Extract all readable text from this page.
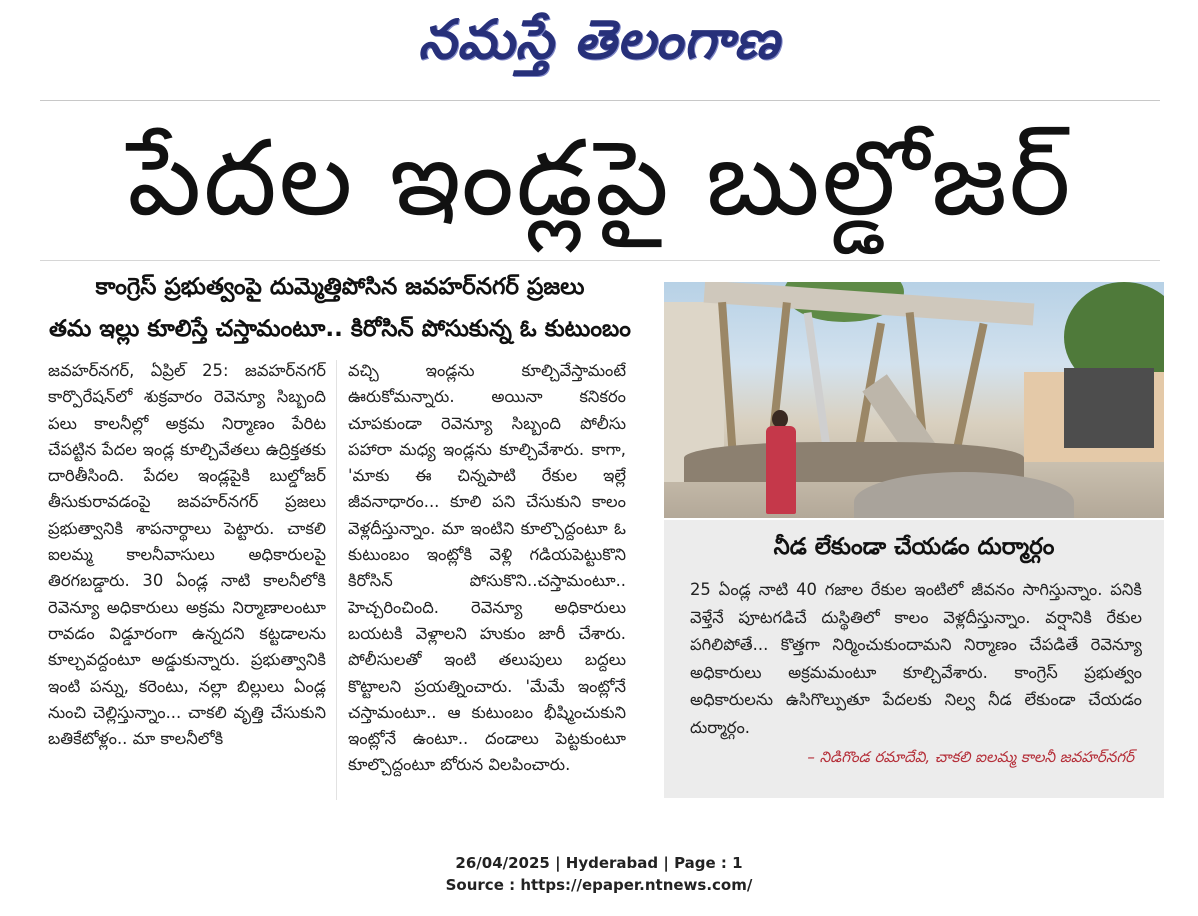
నమస్తే తెలంగాణ
పేదల ఇండ్లపై బుల్డోజర్
కాంగ్రెస్ ప్రభుత్వంపై దుమ్మెత్తిపోసిన జవహర్‌నగర్ ప్రజలు
తమ ఇల్లు కూలిస్తే చస్తామంటూ.. కిరోసిన్ పోసుకున్న ఓ కుటుంబం
జవహర్‌నగర్, ఏప్రిల్ 25: జవహర్‌నగర్ కార్పొరేషన్‌లో శుక్రవారం రెవెన్యూ సిబ్బంది పలు కాలనీల్లో అక్రమ నిర్మాణం పేరిట చేపట్టిన పేదల ఇండ్ల కూల్చివేతలు ఉద్రిక్తతకు దారితీసింది. పేదల ఇండ్లపైకి బుల్డోజర్ తీసుకురావడంపై జవహర్‌నగర్ ప్రజలు ప్రభుత్వానికి శాపనార్థాలు పెట్టారు. చాకలి ఐలమ్మ కాలనీవాసులు అధికారులపై తిరగబడ్డారు. 30 ఏండ్ల నాటి కాలనీలోకి రెవెన్యూ అధికారులు అక్రమ నిర్మాణాలంటూ రావడం విడ్డూరంగా ఉన్నదని కట్టడాలను కూల్చవద్దంటూ అడ్డుకున్నారు. ప్రభుత్వానికి ఇంటి పన్ను, కరెంటు, నల్లా బిల్లులు ఏండ్ల నుంచి చెల్లిస్తున్నాం... చాకలి వృత్తి చేసుకుని బతికేటోళ్లం.. మా కాలనీలోకి
వచ్చి ఇండ్లను కూల్చివేస్తామంటే ఊరుకోమన్నారు. అయినా కనికరం చూపకుండా రెవెన్యూ సిబ్బంది పోలీసు పహారా మధ్య ఇండ్లను కూల్చివేశారు. కాగా, 'మాకు ఈ చిన్నపాటి రేకుల ఇల్లే జీవనాధారం... కూలి పని చేసుకుని కాలం వెళ్లదీస్తున్నాం. మా ఇంటిని కూల్చొద్దంటూ ఓ కుటుంబం ఇంట్లోకి వెళ్లి గడియపెట్టుకొని కిరోసిన్ పోసుకొని..చస్తామంటూ.. హెచ్చరించింది. రెవెన్యూ అధికారులు బయటకి వెళ్లాలని హుకుం జారీ చేశారు. పోలీసులతో ఇంటి తలుపులు బద్దలు కొట్టాలని ప్రయత్నించారు. 'మేమే ఇంట్లోనే చస్తామంటూ.. ఆ కుటుంబం భీష్మించుకుని ఇంట్లోనే ఉంటూ.. దండాలు పెట్టకుంటూ కూల్చొద్దంటూ బోరున విలపించారు.
నీడ లేకుండా చేయడం దుర్మార్గం
25 ఏండ్ల నాటి 40 గజాల రేకుల ఇంటిలో జీవనం సాగిస్తున్నాం. పనికి వెళ్తేనే పూటగడిచే దుస్థితిలో కాలం వెళ్లదీస్తున్నాం. వర్షానికి రేకుల పగిలిపోతే... కొత్తగా నిర్మించుకుందామని నిర్మాణం చేపడితే రెవెన్యూ అధికారులు అక్రమమంటూ కూల్చివేశారు. కాంగ్రెస్ ప్రభుత్వం అధికారులను ఉసిగొల్పుతూ పేదలకు నిల్వ నీడ లేకుండా చేయడం దుర్మార్గం.
– నిడిగొండ రమాదేవి, చాకలి ఐలమ్మ కాలనీ జవహర్‌నగర్
26/04/2025 | Hyderabad | Page : 1
Source : https://epaper.ntnews.com/
